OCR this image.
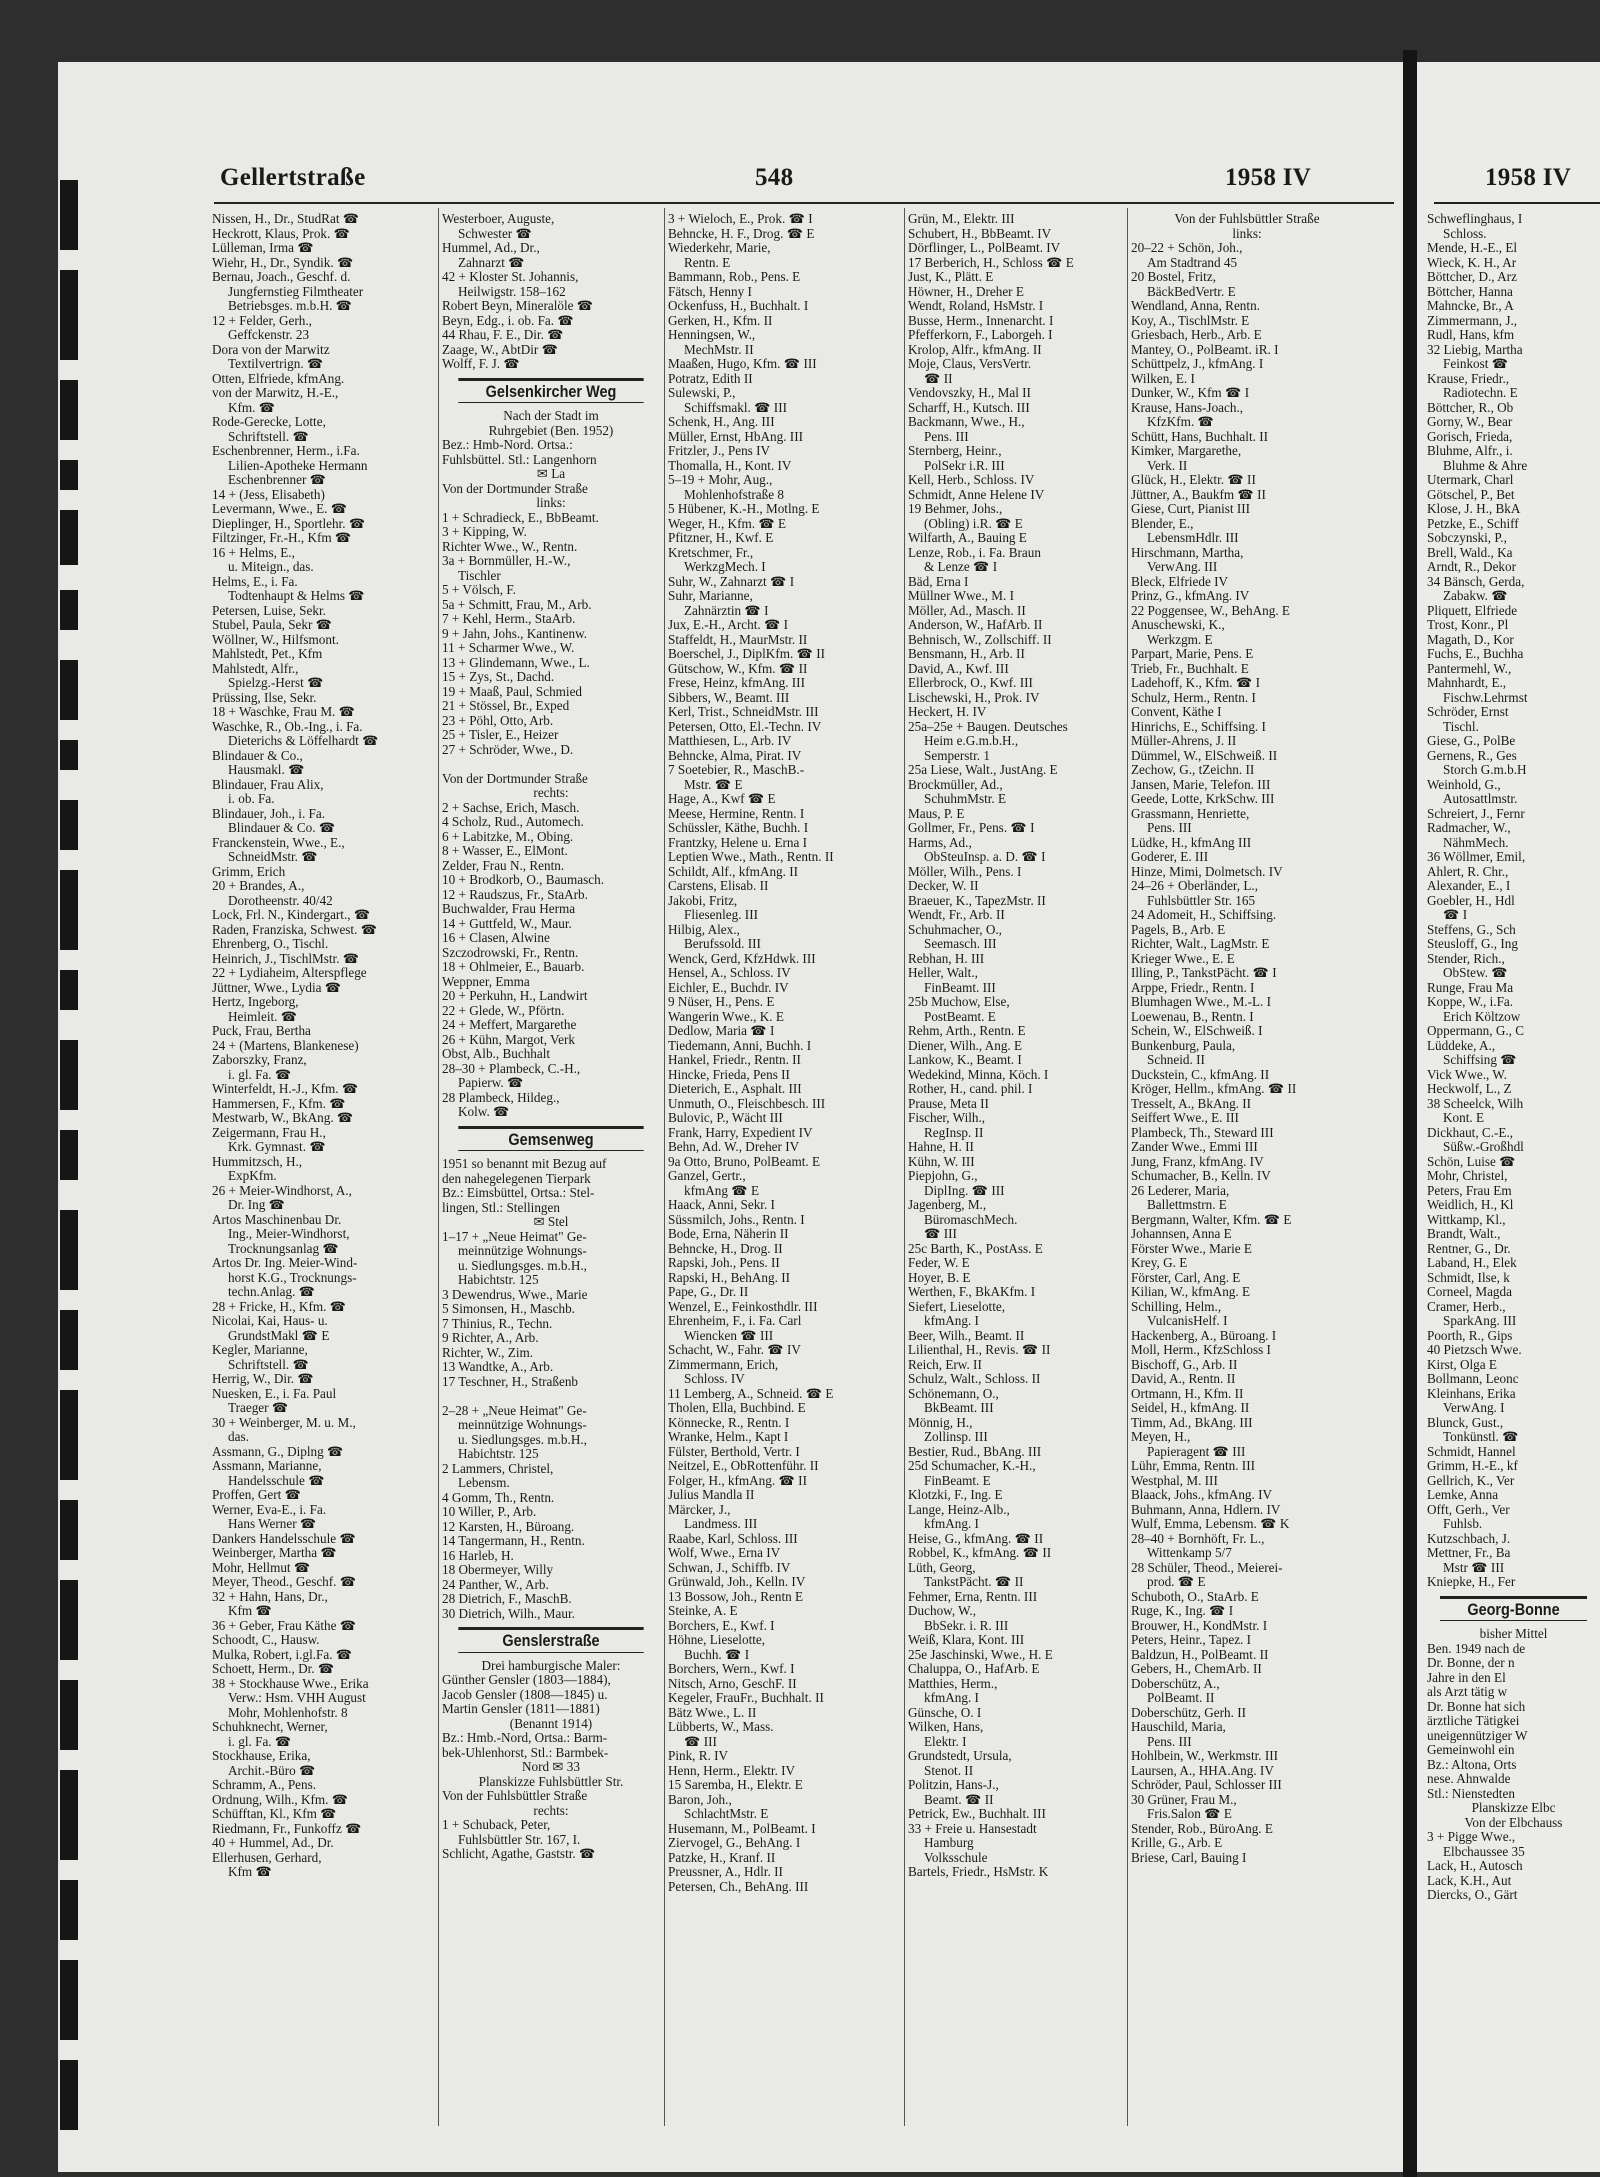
Gellertstraße	548	1958 IV	1958 IV
Nissen, H., Dr., StudRat ☎
Heckrott, Klaus, Prok. ☎
Lülleman, Irma ☎
Wiehr, H., Dr., Syndik. ☎
Bernau, Joach., Geschf. d.
Jungfernstieg Filmtheater
Betriebsges. m.b.H. ☎
12 + Felder, Gerh.,
Geffckenstr. 23
Dora von der Marwitz
Textilvertrign. ☎
Otten, Elfriede, kfmAng.
von der Marwitz, H.-E.,
Kfm. ☎
Rode-Gerecke, Lotte,
Schriftstell. ☎
Eschenbrenner, Herm., i.Fa.
Lilien-Apotheke Hermann
Eschenbrenner ☎
14 + (Jess, Elisabeth)
Levermann, Wwe., E. ☎
Dieplinger, H., Sportlehr. ☎
Filtzinger, Fr.-H., Kfm ☎
16 + Helms, E.,
u. Miteign., das.
Helms, E., i. Fa.
Todtenhaupt & Helms ☎
Petersen, Luise, Sekr.
Stubel, Paula, Sekr ☎
Wöllner, W., Hilfsmont.
Mahlstedt, Pet., Kfm
Mahlstedt, Alfr.,
Spielzg.-Herst ☎
Prüssing, Ilse, Sekr.
18 + Waschke, Frau M. ☎
Waschke, R., Ob.-Ing., i. Fa.
Dieterichs & Löffelhardt ☎
Blindauer & Co.,
Hausmakl. ☎
Blindauer, Frau Alix,
i. ob. Fa.
Blindauer, Joh., i. Fa.
Blindauer & Co. ☎
Franckenstein, Wwe., E.,
SchneidMstr. ☎
Grimm, Erich
20 + Brandes, A.,
Dorotheenstr. 40/42
Lock, Frl. N., Kindergart., ☎
Raden, Franziska, Schwest. ☎
Ehrenberg, O., Tischl.
Heinrich, J., TischlMstr. ☎
22 + Lydiaheim, Alterspflege
Jüttner, Wwe., Lydia ☎
Hertz, Ingeborg,
Heimleit. ☎
Puck, Frau, Bertha
24 + (Martens, Blankenese)
Zaborszky, Franz,
i. gl. Fa. ☎
Winterfeldt, H.-J., Kfm. ☎
Hammersen, F., Kfm. ☎
Mestwarb, W., BkAng. ☎
Zeigermann, Frau H.,
Krk. Gymnast. ☎
Hummitzsch, H.,
ExpKfm.
26 + Meier-Windhorst, A.,
Dr. Ing ☎
Artos Maschinenbau Dr.
Ing., Meier-Windhorst,
Trocknungsanlag ☎
Artos Dr. Ing. Meier-Wind-
horst K.G., Trocknungs-
techn.Anlag. ☎
28 + Fricke, H., Kfm. ☎
Nicolai, Kai, Haus- u.
GrundstMakl ☎ E
Kegler, Marianne,
Schriftstell. ☎
Herrig, W., Dir. ☎
Nuesken, E., i. Fa. Paul
Traeger ☎
30 + Weinberger, M. u. M.,
das.
Assmann, G., Diplng ☎
Assmann, Marianne,
Handelsschule ☎
Proffen, Gert ☎
Werner, Eva-E., i. Fa.
Hans Werner ☎
Dankers Handelsschule ☎
Weinberger, Martha ☎
Mohr, Hellmut ☎
Meyer, Theod., Geschf. ☎
32 + Hahn, Hans, Dr.,
Kfm ☎
36 + Geber, Frau Käthe ☎
Schoodt, C., Hausw.
Mulka, Robert, i.gl.Fa. ☎
Schoett, Herm., Dr. ☎
38 + Stockhause Wwe., Erika
Verw.: Hsm. VHH August
Mohr, Mohlenhofstr. 8
Schuhknecht, Werner,
i. gl. Fa. ☎
Stockhause, Erika,
Archit.-Büro ☎
Schramm, A., Pens.
Ordnung, Wilh., Kfm. ☎
Schüfftan, Kl., Kfm ☎
Riedmann, Fr., Funkoffz ☎
40 + Hummel, Ad., Dr.
Ellerhusen, Gerhard,
Kfm ☎
Westerboer, Auguste,
Schwester ☎
Hummel, Ad., Dr.,
Zahnarzt ☎
42 + Kloster St. Johannis,
Heilwigstr. 158–162
Robert Beyn, Mineralöle ☎
Beyn, Edg., i. ob. Fa. ☎
44 Rhau, F. E., Dir. ☎
Zaage, W., AbtDir ☎
Wolff, F. J. ☎
Gelsenkircher Weg
Nach der Stadt im
Ruhrgebiet (Ben. 1952)
Bez.: Hmb-Nord. Ortsa.:
Fuhlsbüttel. Stl.: Langenhorn
✉ La
Von der Dortmunder Straße
links:
1 + Schradieck, E., BbBeamt.
3 + Kipping, W.
Richter Wwe., W., Rentn.
3a + Bornmüller, H.-W.,
Tischler
5 + Völsch, F.
5a + Schmitt, Frau, M., Arb.
7 + Kehl, Herm., StaArb.
9 + Jahn, Johs., Kantinenw.
11 + Scharmer Wwe., W.
13 + Glindemann, Wwe., L.
15 + Zys, St., Dachd.
19 + Maaß, Paul, Schmied
21 + Stössel, Br., Exped
23 + Pöhl, Otto, Arb.
25 + Tisler, E., Heizer
27 + Schröder, Wwe., D.

Von der Dortmunder Straße
rechts:
2 + Sachse, Erich, Masch.
4 Scholz, Rud., Automech.
6 + Labitzke, M., Obing.
8 + Wasser, E., ElMont.
Zelder, Frau N., Rentn.
10 + Brodkorb, O., Baumasch.
12 + Raudszus, Fr., StaArb.
Buchwalder, Frau Herma
14 + Guttfeld, W., Maur.
16 + Clasen, Alwine
Szczodrowski, Fr., Rentn.
18 + Ohlmeier, E., Bauarb.
Weppner, Emma
20 + Perkuhn, H., Landwirt
22 + Glede, W., Pförtn.
24 + Meffert, Margarethe
26 + Kühn, Margot, Verk
Obst, Alb., Buchhalt
28–30 + Plambeck, C.-H.,
Papierw. ☎
28 Plambeck, Hildeg.,
Kolw. ☎
Gemsenweg
1951 so benannt mit Bezug auf
den nahegelegenen Tierpark
Bz.: Eimsbüttel, Ortsa.: Stel-
lingen, Stl.: Stellingen
✉ Stel
1–17 + „Neue Heimat" Ge-
meinnützige Wohnungs-
u. Siedlungsges. m.b.H.,
Habichtstr. 125
3 Dewendrus, Wwe., Marie
5 Simonsen, H., Maschb.
7 Thinius, R., Techn.
9 Richter, A., Arb.
Richter, W., Zim.
13 Wandtke, A., Arb.
17 Teschner, H., Straßenb

2–28 + „Neue Heimat" Ge-
meinnützige Wohnungs-
u. Siedlungsges. m.b.H.,
Habichtstr. 125
2 Lammers, Christel,
Lebensm.
4 Gomm, Th., Rentn.
10 Willer, P., Arb.
12 Karsten, H., Büroang.
14 Tangermann, H., Rentn.
16 Harleb, H.
18 Obermeyer, Willy
24 Panther, W., Arb.
28 Dietrich, F., MaschB.
30 Dietrich, Wilh., Maur.
Genslerstraße
Drei hamburgische Maler:
Günther Gensler (1803—1884),
Jacob Gensler (1808—1845) u.
Martin Gensler (1811—1881)
(Benannt 1914)
Bz.: Hmb.-Nord, Ortsa.: Barm-
bek-Uhlenhorst, Stl.: Barmbek-
Nord ✉ 33
Planskizze Fuhlsbüttler Str.
Von der Fuhlsbüttler Straße
rechts:
1 + Schuback, Peter,
Fuhlsbüttler Str. 167, I.
Schlicht, Agathe, Gaststr. ☎
3 + Wieloch, E., Prok. ☎ I
Behncke, H. F., Drog. ☎ E
Wiederkehr, Marie,
Rentn. E
Bammann, Rob., Pens. E
Fätsch, Henny I
Ockenfuss, H., Buchhalt. I
Gerken, H., Kfm. II
Henningsen, W.,
MechMstr. II
Maaßen, Hugo, Kfm. ☎ III
Potratz, Edith II
Sulewski, P.,
Schiffsmakl. ☎ III
Schenk, H., Ang. III
Müller, Ernst, HbAng. III
Fritzler, J., Pens IV
Thomalla, H., Kont. IV
5–19 + Mohr, Aug.,
Mohlenhofstraße 8
5 Hübener, K.-H., Motlng. E
Weger, H., Kfm. ☎ E
Pfitzner, H., Kwf. E
Kretschmer, Fr.,
WerkzgMech. I
Suhr, W., Zahnarzt ☎ I
Suhr, Marianne,
Zahnärztin ☎ I
Jux, E.-H., Archt. ☎ I
Staffeldt, H., MaurMstr. II
Boerschel, J., DiplKfm. ☎ II
Gütschow, W., Kfm. ☎ II
Frese, Heinz, kfmAng. III
Sibbers, W., Beamt. III
Kerl, Trist., SchneidMstr. III
Petersen, Otto, El.-Techn. IV
Matthiesen, L., Arb. IV
Behncke, Alma, Pirat. IV
7 Soetebier, R., MaschB.-
Mstr. ☎ E
Hage, A., Kwf ☎ E
Meese, Hermine, Rentn. I
Schüssler, Käthe, Buchh. I
Frantzky, Helene u. Erna I
Leptien Wwe., Math., Rentn. II
Schildt, Alf., kfmAng. II
Carstens, Elisab. II
Jakobi, Fritz,
Fliesenleg. III
Hilbig, Alex.,
Berufssold. III
Wenck, Gerd, KfzHdwk. III
Hensel, A., Schloss. IV
Eichler, E., Buchdr. IV
9 Nüser, H., Pens. E
Wangerin Wwe., K. E
Dedlow, Maria ☎ I
Tiedemann, Anni, Buchh. I
Hankel, Friedr., Rentn. II
Hincke, Frieda, Pens II
Dieterich, E., Asphalt. III
Unmuth, O., Fleischbesch. III
Bulovic, P., Wächt III
Frank, Harry, Expedient IV
Behn, Ad. W., Dreher IV
9a Otto, Bruno, PolBeamt. E
Ganzel, Gertr.,
kfmAng ☎ E
Haack, Anni, Sekr. I
Süssmilch, Johs., Rentn. I
Bode, Erna, Näherin II
Behncke, H., Drog. II
Rapski, Joh., Pens. II
Rapski, H., BehAng. II
Pape, G., Dr. II
Wenzel, E., Feinkosthdlr. III
Ehrenheim, F., i. Fa. Carl
Wiencken ☎ III
Schacht, W., Fahr. ☎ IV
Zimmermann, Erich,
Schloss. IV
11 Lemberg, A., Schneid. ☎ E
Tholen, Ella, Buchbind. E
Könnecke, R., Rentn. I
Wranke, Helm., Kapt I
Fülster, Berthold, Vertr. I
Neitzel, E., ObRottenführ. II
Folger, H., kfmAng. ☎ II
Julius Mandla II
Märcker, J.,
Landmess. III
Raabe, Karl, Schloss. III
Wolf, Wwe., Erna IV
Schwan, J., Schiffb. IV
Grünwald, Joh., Kelln. IV
13 Bossow, Joh., Rentn E
Steinke, A. E
Borchers, E., Kwf. I
Höhne, Lieselotte,
Buchh. ☎ I
Borchers, Wern., Kwf. I
Nitsch, Arno, GeschF. II
Kegeler, FrauFr., Buchhalt. II
Bätz Wwe., L. II
Lübberts, W., Mass.
☎ III
Pink, R. IV
Henn, Herm., Elektr. IV
15 Saremba, H., Elektr. E
Baron, Joh.,
SchlachtMstr. E
Husemann, M., PolBeamt. I
Ziervogel, G., BehAng. I
Patzke, H., Kranf. II
Preussner, A., Hdlr. II
Petersen, Ch., BehAng. III
Grün, M., Elektr. III
Schubert, H., BbBeamt. IV
Dörflinger, L., PolBeamt. IV
17 Berberich, H., Schloss ☎ E
Just, K., Plätt. E
Höwner, H., Dreher E
Wendt, Roland, HsMstr. I
Busse, Herm., Innenarcht. I
Pfefferkorn, F., Laborgeh. I
Krolop, Alfr., kfmAng. II
Moje, Claus, VersVertr.
☎ II
Vendovszky, H., Mal II
Scharff, H., Kutsch. III
Backmann, Wwe., H.,
Pens. III
Sternberg, Heinr.,
PolSekr i.R. III
Kell, Herb., Schloss. IV
Schmidt, Anne Helene IV
19 Behmer, Johs.,
(Obling) i.R. ☎ E
Wilfarth, A., Bauing E
Lenze, Rob., i. Fa. Braun
& Lenze ☎ I
Bäd, Erna I
Müllner Wwe., M. I
Möller, Ad., Masch. II
Anderson, W., HafArb. II
Behnisch, W., Zollschiff. II
Bensmann, H., Arb. II
David, A., Kwf. III
Ellerbrock, O., Kwf. III
Lischewski, H., Prok. IV
Heckert, H. IV
25a–25e + Baugen. Deutsches
Heim e.G.m.b.H.,
Semperstr. 1
25a Liese, Walt., JustAng. E
Brockmüller, Ad.,
SchuhmMstr. E
Maus, P. E
Gollmer, Fr., Pens. ☎ I
Harms, Ad.,
ObSteuInsp. a. D. ☎ I
Möller, Wilh., Pens. I
Decker, W. II
Braeuer, K., TapezMstr. II
Wendt, Fr., Arb. II
Schuhmacher, O.,
Seemasch. III
Rebhan, H. III
Heller, Walt.,
FinBeamt. III
25b Muchow, Else,
PostBeamt. E
Rehm, Arth., Rentn. E
Diener, Wilh., Ang. E
Lankow, K., Beamt. I
Wedekind, Minna, Köch. I
Rother, H., cand. phil. I
Prause, Meta II
Fischer, Wilh.,
RegInsp. II
Hahne, H. II
Kühn, W. III
Piepjohn, G.,
DiplIng. ☎ III
Jagenberg, M.,
BüromaschMech.
☎ III
25c Barth, K., PostAss. E
Feder, W. E
Hoyer, B. E
Werthen, F., BkAKfm. I
Siefert, Lieselotte,
kfmAng. I
Beer, Wilh., Beamt. II
Lilienthal, H., Revis. ☎ II
Reich, Erw. II
Schulz, Walt., Schloss. II
Schönemann, O.,
BkBeamt. III
Mönnig, H.,
Zollinsp. III
Bestier, Rud., BbAng. III
25d Schumacher, K.-H.,
FinBeamt. E
Klotzki, F., Ing. E
Lange, Heinz-Alb.,
kfmAng. I
Heise, G., kfmAng. ☎ II
Robbel, K., kfmAng. ☎ II
Lüth, Georg,
TankstPächt. ☎ II
Fehmer, Erna, Rentn. III
Duchow, W.,
BbSekr. i. R. III
Weiß, Klara, Kont. III
25e Jaschinski, Wwe., H. E
Chaluppa, O., HafArb. E
Matthies, Herm.,
kfmAng. I
Günsche, O. I
Wilken, Hans,
Elektr. I
Grundstedt, Ursula,
Stenot. II
Politzin, Hans-J.,
Beamt. ☎ II
Petrick, Ew., Buchhalt. III
33 + Freie u. Hansestadt
Hamburg
Volksschule
Bartels, Friedr., HsMstr. K
Von der Fuhlsbüttler Straße
links:
20–22 + Schön, Joh.,
Am Stadtrand 45
20 Bostel, Fritz,
BäckBedVertr. E
Wendland, Anna, Rentn.
Koy, A., TischlMstr. E
Griesbach, Herb., Arb. E
Mantey, O., PolBeamt. iR. I
Schüttpelz, J., kfmAng. I
Wilken, E. I
Dunker, W., Kfm ☎ I
Krause, Hans-Joach.,
KfzKfm. ☎
Schütt, Hans, Buchhalt. II
Kimker, Margarethe,
Verk. II
Glück, H., Elektr. ☎ II
Jüttner, A., Baukfm ☎ II
Giese, Curt, Pianist III
Blender, E.,
LebensmHdlr. III
Hirschmann, Martha,
VerwAng. III
Bleck, Elfriede IV
Prinz, G., kfmAng. IV
22 Poggensee, W., BehAng. E
Anuschewski, K.,
Werkzgm. E
Parpart, Marie, Pens. E
Trieb, Fr., Buchhalt. E
Ladehoff, K., Kfm. ☎ I
Schulz, Herm., Rentn. I
Convent, Käthe I
Hinrichs, E., Schiffsing. I
Müller-Ahrens, J. II
Dümmel, W., ElSchweiß. II
Zechow, G., tZeichn. II
Jansen, Marie, Telefon. III
Geede, Lotte, KrkSchw. III
Grassmann, Henriette,
Pens. III
Lüdke, H., kfmAng III
Goderer, E. III
Hinze, Mimi, Dolmetsch. IV
24–26 + Oberländer, L.,
Fuhlsbüttler Str. 165
24 Adomeit, H., Schiffsing.
Pagels, B., Arb. E
Richter, Walt., LagMstr. E
Krieger Wwe., E. E
Illing, P., TankstPächt. ☎ I
Arppe, Friedr., Rentn. I
Blumhagen Wwe., M.-L. I
Loewenau, B., Rentn. I
Schein, W., ElSchweiß. I
Bunkenburg, Paula,
Schneid. II
Duckstein, C., kfmAng. II
Kröger, Hellm., kfmAng. ☎ II
Tresselt, A., BkAng. II
Seiffert Wwe., E. III
Plambeck, Th., Steward III
Zander Wwe., Emmi III
Jung, Franz, kfmAng. IV
Schumacher, B., Kelln. IV
26 Lederer, Maria,
Ballettmstrn. E
Bergmann, Walter, Kfm. ☎ E
Johannsen, Anna E
Förster Wwe., Marie E
Krey, G. E
Förster, Carl, Ang. E
Kilian, W., kfmAng. E
Schilling, Helm.,
VulcanisHelf. I
Hackenberg, A., Büroang. I
Moll, Herm., KfzSchloss I
Bischoff, G., Arb. II
David, A., Rentn. II
Ortmann, H., Kfm. II
Seidel, H., kfmAng. II
Timm, Ad., BkAng. III
Meyen, H.,
Papieragent ☎ III
Lühr, Emma, Rentn. III
Westphal, M. III
Blaack, Johs., kfmAng. IV
Buhmann, Anna, Hdlern. IV
Wulf, Emma, Lebensm. ☎ K
28–40 + Bornhöft, Fr. L.,
Wittenkamp 5/7
28 Schüler, Theod., Meierei-
prod. ☎ E
Schuboth, O., StaArb. E
Ruge, K., Ing. ☎ I
Brouwer, H., KondMstr. I
Peters, Heinr., Tapez. I
Baldzun, H., PolBeamt. II
Gebers, H., ChemArb. II
Doberschütz, A.,
PolBeamt. II
Doberschütz, Gerh. II
Hauschild, Maria,
Pens. III
Hohlbein, W., Werkmstr. III
Laursen, A., HHA.Ang. IV
Schröder, Paul, Schlosser III
30 Grüner, Frau M.,
Fris.Salon ☎ E
Stender, Rob., BüroAng. E
Krille, G., Arb. E
Briese, Carl, Bauing I
Schweflinghaus, I
Schloss.
Mende, H.-E., El
Wieck, K. H., Ar
Böttcher, D., Arz
Böttcher, Hanna
Mahncke, Br., A
Zimmermann, J.,
Rudl, Hans, kfm
32 Liebig, Martha
Feinkost ☎
Krause, Friedr.,
Radiotechn. E
Böttcher, R., Ob
Gorny, W., Bear
Gorisch, Frieda,
Bluhme, Alfr., i.
Bluhme & Ahre
Utermark, Charl
Götschel, P., Bet
Klose, J. H., BkA
Petzke, E., Schiff
Sobczynski, P.,
Brell, Wald., Ka
Arndt, R., Dekor
34 Bänsch, Gerda,
Zabakw. ☎
Pliquett, Elfriede
Trost, Konr., Pl
Magath, D., Kor
Fuchs, E., Buchha
Pantermehl, W.,
Mahnhardt, E.,
Fischw.Lehrmst
Schröder, Ernst
Tischl.
Giese, G., PolBe
Gernens, R., Ges
Storch G.m.b.H
Weinhold, G.,
Autosattlmstr.
Schreiert, J., Fernr
Radmacher, W.,
NähmMech.
36 Wöllmer, Emil,
Ahlert, R. Chr.,
Alexander, E., I
Goebler, H., Hdl
☎ I
Steffens, G., Sch
Steusloff, G., Ing
Stender, Rich.,
ObStew. ☎
Runge, Frau Ma
Koppe, W., i.Fa.
Erich Költzow
Oppermann, G., C
Lüddeke, A.,
Schiffsing ☎
Vick Wwe., W.
Heckwolf, L., Z
38 Scheelck, Wilh
Kont. E
Dickhaut, C.-E.,
Süßw.-Großhdl
Schön, Luise ☎
Mohr, Christel,
Peters, Frau Em
Weidlich, H., Kl
Wittkamp, Kl.,
Brandt, Walt.,
Rentner, G., Dr.
Laband, H., Elek
Schmidt, Ilse, k
Corneel, Magda
Cramer, Herb.,
SparkAng. III
Poorth, R., Gips
40 Pietzsch Wwe.
Kirst, Olga E
Bollmann, Leonc
Kleinhans, Erika
VerwAng. I
Blunck, Gust.,
Tonkünstl. ☎
Schmidt, Hannel
Grimm, H.-E., kf
Gellrich, K., Ver
Lemke, Anna
Offt, Gerh., Ver
Fuhlsb.
Kutzschbach, J.
Mettner, Fr., Ba
Mstr ☎ III
Kniepke, H., Fer
Georg-Bonne
bisher Mittel
Ben. 1949 nach de
Dr. Bonne, der n
Jahre in den El
als Arzt tätig w
Dr. Bonne hat sich
ärztliche Tätigkei
uneigennütziger W
Gemeinwohl ein
Bz.: Altona, Orts
nese. Ahnwalde
Stl.: Nienstedten
Planskizze Elbc
Von der Elbchauss
3 + Pigge Wwe.,
Elbchaussee 35
Lack, H., Autosch
Lack, K.H., Aut
Diercks, O., Gärt
